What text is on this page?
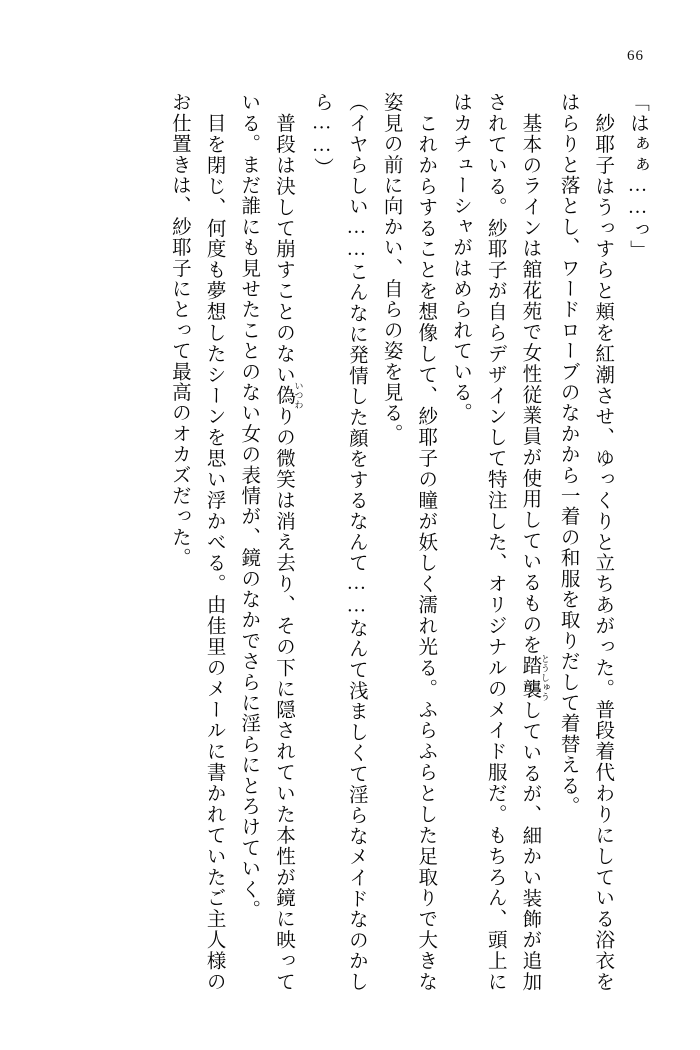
66

「はぁぁ……っ」

　紗耶子はうっすらと頬を紅潮させ、ゆっくりと立ちあがった。普段着代わりにしている浴衣をはらりと落とし、ワードローブのなかから一着の和服を取りだして着替える。

　基本のラインは舘花苑で女性従業員が使用しているものを踏襲 とうしゅうしているが、細かい装飾が追加されている。紗耶子が自らデザインして特注した、オリジナルのメイド服だ。もちろん、頭上にはカチューシャがはめられている。

　これからすることを想像して、紗耶子の瞳が妖しく濡れ光る。ふらふらとした足取りで大きな姿見の前に向かい、自らの姿を見る。

（イヤらしい……こんなに発情した顔をするなんて……なんて浅ましくて淫らなメイドなのかしら……）

　普段は決して崩すことのない偽 いつわりの微笑は消え去り、その下に隠されていた本性が鏡に映っている。まだ誰にも見せたことのない女の表情が、鏡のなかでさらに淫らにとろけていく。

　目を閉じ、何度も夢想したシーンを思い浮かべる。由佳里のメールに書かれていたご主人様のお仕置きは、紗耶子にとって最高のオカズだった。
